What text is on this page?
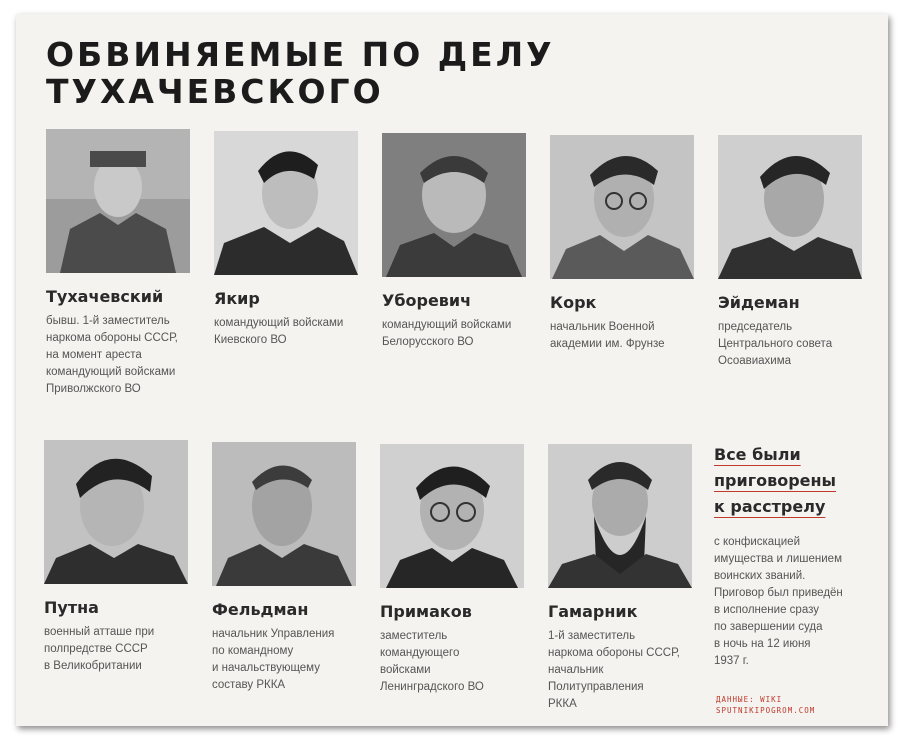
ОБВИНЯЕМЫЕ ПО ДЕЛУ ТУХАЧЕВСКОГО
Тухачевский
бывш. 1-й заместитель
наркома обороны СССР,
на момент ареста
командующий войсками
Приволжского ВО
Якир
командующий войсками
Киевского ВО
Уборевич
командующий войсками
Белорусского ВО
Корк
начальник Военной
академии им. Фрунзе
Эйдеман
председатель
Центрального совета
Осоавиахима
Путна
военный атташе при
полпредстве СССР
в Великобритании
Фельдман
начальник Управления
по командному
и начальствующему
составу РККА
Примаков
заместитель
командующего
войсками
Ленинградского ВО
Гамарник
1-й заместитель
наркома обороны СССР,
начальник
Политуправления
РККА
Все были
приговорены
к расстрелу
с конфискацией
имущества и лишением
воинских званий.
Приговор был приведён
в исполнение сразу
по завершении суда
в ночь на 12 июня
1937 г.
ДАННЫЕ: WIKI
SPUTNIKIPOGROM.COM
